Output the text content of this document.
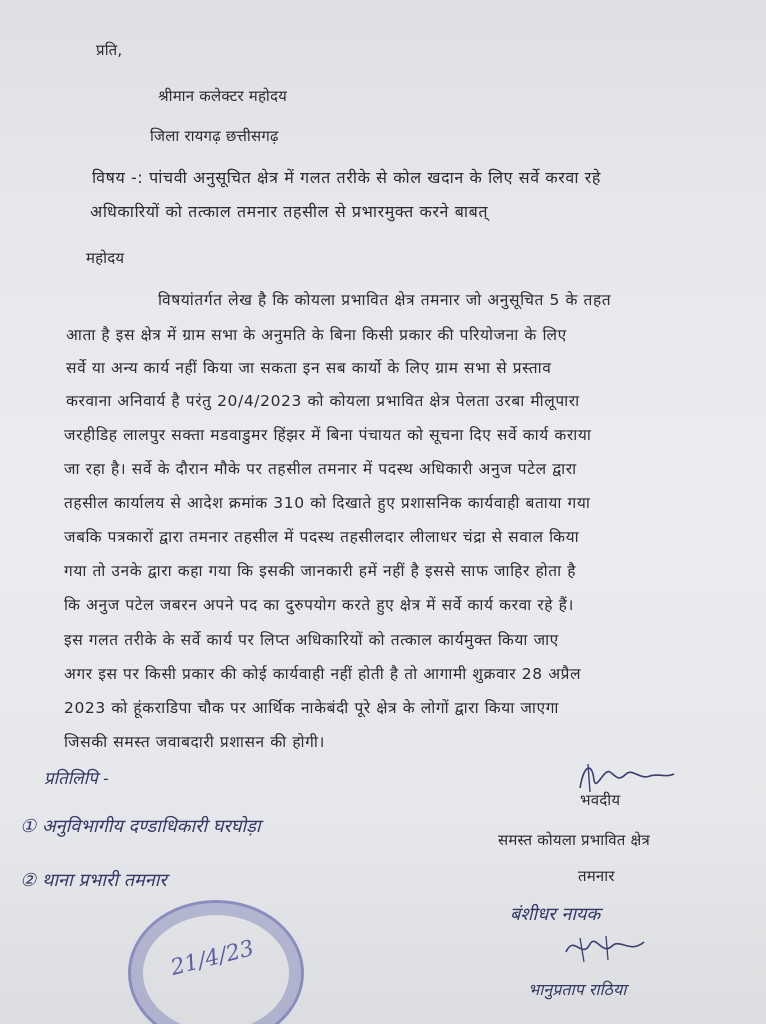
प्रति,
श्रीमान कलेक्टर महोदय
जिला रायगढ़ छत्तीसगढ़
विषय -: पांचवी अनुसूचित क्षेत्र में गलत तरीके से कोल खदान के लिए सर्वे करवा रहे
अधिकारियों को तत्काल तमनार तहसील से प्रभारमुक्त करने बाबत्
महोदय
विषयांतर्गत लेख है कि कोयला प्रभावित क्षेत्र तमनार जो अनुसूचित 5 के तहत
आता है इस क्षेत्र में ग्राम सभा के अनुमति के बिना किसी प्रकार की परियोजना के लिए
सर्वे या अन्य कार्य नहीं किया जा सकता इन सब कार्यो के लिए ग्राम सभा से प्रस्ताव
करवाना अनिवार्य है परंतु 20/4/2023 को कोयला प्रभावित क्षेत्र पेलता उरबा मीलूपारा
जरहीडिह लालपुर सक्ता मडवाडुमर हिंझर में बिना पंचायत को सूचना दिए सर्वे कार्य कराया
जा रहा है। सर्वे के दौरान मौके पर तहसील तमनार में पदस्थ अधिकारी अनुज पटेल द्वारा
तहसील कार्यालय से आदेश क्रमांक 310 को दिखाते हुए प्रशासनिक कार्यवाही बताया गया
जबकि पत्रकारों द्वारा तमनार तहसील में पदस्थ तहसीलदार लीलाधर चंद्रा से सवाल किया
गया तो उनके द्वारा कहा गया कि इसकी जानकारी हमें नहीं है इससे साफ जाहिर होता है
कि अनुज पटेल जबरन अपने पद का दुरुपयोग करते हुए क्षेत्र में सर्वे कार्य करवा रहे हैं।
इस गलत तरीके के सर्वे कार्य पर लिप्त अधिकारियों को तत्काल कार्यमुक्त किया जाए
अगर इस पर किसी प्रकार की कोई कार्यवाही नहीं होती है तो आगामी शुक्रवार 28 अप्रैल
2023 को हूंकराडिपा चौक पर आर्थिक नाकेबंदी पूरे क्षेत्र के लोगों द्वारा किया जाएगा
जिसकी समस्त जवाबदारी प्रशासन की होगी।
भवदीय
समस्त कोयला प्रभावित क्षेत्र
तमनार
प्रतिलिपि -
① अनुविभागीय दण्डाधिकारी घरघोड़ा
② थाना प्रभारी तमनार
बंशीधर नायक
भानुप्रताप राठिया
21/4/23
